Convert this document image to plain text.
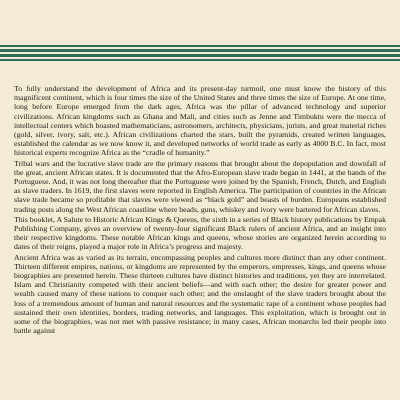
To fully understand the development of Africa and its present-day turmoil, one must know the history of this magnificent continent, which is four times the size of the United States and three times the size of Europe. At one time, long before Europe emerged from the dark ages, Africa was the pillar of advanced technology and superior civilizations. African kingdoms such as Ghana and Mali, and cities such as Jenne and Timbuktu were the mecca of intellectual centers which boasted mathematicians, astronomers, architects, physicians, jurists, and great material riches (gold, silver, ivory, salt, etc.). African civilizations charted the stars, built the pyramids, created written languages, established the calendar as we now know it, and developed networks of world trade as early as 4000 B.C. In fact, most historical experts recognize Africa as the “cradle of humanity.”

Tribal wars and the lucrative slave trade are the primary reasons that brought about the depopulation and downfall of the great, ancient African states. It is documented that the Afro-European slave trade began in 1441, at the hands of the Portuguese. And, it was not long thereafter that the Portuguese were joined by the Spanish, French, Dutch, and English as slave traders. In 1619, the first slaves were reported in English America. The participation of countries in the African slave trade became so profitable that slaves were viewed as “black gold” and beasts of burden. Europeans established trading posts along the West African coastline where beads, guns, whiskey and ivory were bartered for African slaves.

This booklet, A Salute to Historic African Kings & Queens, the sixth in a series of Black history publications by Empak Publishing Company, gives an overview of twenty-four significant Black rulers of ancient Africa, and an insight into their respective kingdoms. These notable African kings and queens, whose stories are organized herein according to dates of their reigns, played a major role in Africa’s progress and majesty.

Ancient Africa was as varied as its terrain, encompassing peoples and cultures more distinct than any other continent. Thirteen different empires, nations, or kingdoms are represented by the emperors, empresses, kings, and queens whose biographies are presented herein. These thirteen cultures have distinct histories and traditions, yet they are interrelated. Islam and Christianity competed with their ancient beliefs—and with each other; the desire for greater power and wealth caused many of these nations to conquer each other; and the onslaught of the slave traders brought about the loss of a tremendous amount of human and natural resources and the systematic rape of a continent whose peoples had sustained their own identities, borders, trading networks, and languages. This exploitation, which is brought out in some of the biographies, was not met with passive resistance; in many cases, African monarchs led their people into battle against
